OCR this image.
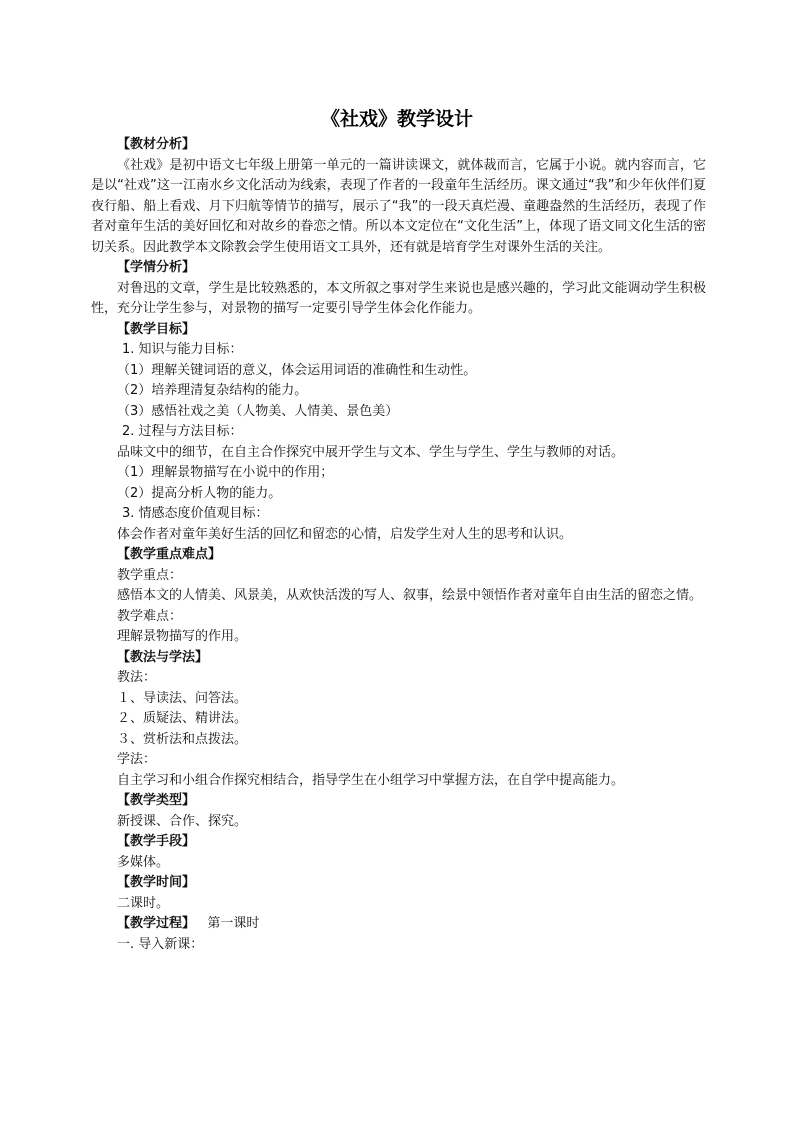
《社戏》教学设计

【教材分析】

《社戏》是初中语文七年级上册第一单元的一篇讲读课文，就体裁而言，它属于小说。就内容而言，它是以“社戏”这一江南水乡文化活动为线索，表现了作者的一段童年生活经历。课文通过“我”和少年伙伴们夏夜行船、船上看戏、月下归航等情节的描写，展示了“我”的一段天真烂漫、童趣盎然的生活经历，表现了作者对童年生活的美好回忆和对故乡的眷恋之情。所以本文定位在“文化生活”上，体现了语文同文化生活的密切关系。因此教学本文除教会学生使用语文工具外，还有就是培育学生对课外生活的关注。

【学情分析】

对鲁迅的文章，学生是比较熟悉的，本文所叙之事对学生来说也是感兴趣的，学习此文能调动学生积极性，充分让学生参与，对景物的描写一定要引导学生体会化作能力。

【教学目标】

1. 知识与能力目标：

（1）理解关键词语的意义，体会运用词语的准确性和生动性。

（2）培养理清复杂结构的能力。

（3）感悟社戏之美（人物美、人情美、景色美）

2. 过程与方法目标：

品味文中的细节，在自主合作探究中展开学生与文本、学生与学生、学生与教师的对话。

（1）理解景物描写在小说中的作用；

（2）提高分析人物的能力。

3. 情感态度价值观目标：

体会作者对童年美好生活的回忆和留恋的心情，启发学生对人生的思考和认识。

【教学重点难点】

教学重点：

感悟本文的人情美、风景美，从欢快活泼的写人、叙事，绘景中领悟作者对童年自由生活的留恋之情。

教学难点：

理解景物描写的作用。

【教法与学法】

教法：

１、导读法、问答法。

２、质疑法、精讲法。

３、赏析法和点拨法。

学法：

自主学习和小组合作探究相结合，指导学生在小组学习中掌握方法，在自学中提高能力。

【教学类型】

新授课、合作、探究。

【教学手段】

多媒体。

【教学时间】

二课时。

【教学过程】 第一课时

一. 导入新课：
